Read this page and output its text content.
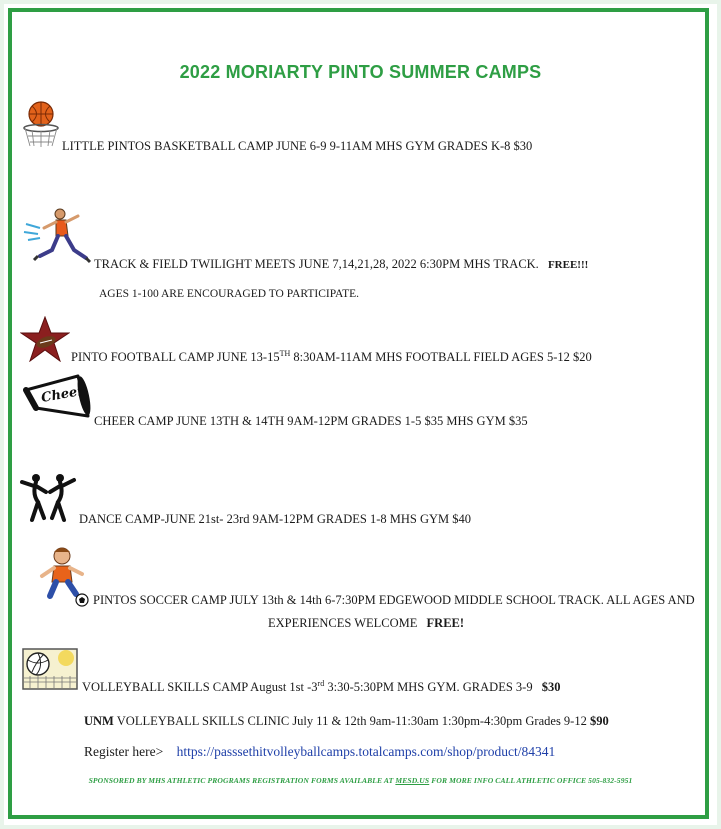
2022 MORIARTY PINTO SUMMER CAMPS
LITTLE PINTOS BASKETBALL CAMP JUNE 6-9 9-11AM MHS GYM GRADES K-8 $30
TRACK & FIELD TWILIGHT MEETS JUNE 7,14,21,28, 2022 6:30PM MHS TRACK. FREE!!!
AGES 1-100 ARE ENCOURAGED TO PARTICIPATE.
PINTO FOOTBALL CAMP JUNE 13-15TH 8:30AM-11AM MHS FOOTBALL FIELD AGES 5-12 $20
Cheer
CHEER CAMP JUNE 13TH & 14TH 9AM-12PM GRADES 1-5 $35 MHS GYM $35
DANCE CAMP-JUNE 21st- 23rd 9AM-12PM GRADES 1-8 MHS GYM $40
PINTOS SOCCER CAMP JULY 13th & 14th 6-7:30PM EDGEWOOD MIDDLE SCHOOL TRACK. ALL AGES AND
EXPERIENCES WELCOME FREE!
VOLLEYBALL SKILLS CAMP August 1st -3rd 3:30-5:30PM MHS GYM. GRADES 3-9 $30
UNM VOLLEYBALL SKILLS CLINIC July 11 & 12th 9am-11:30am 1:30pm-4:30pm Grades 9-12 $90
Register here> https://passsethitvolleyballcamps.totalcamps.com/shop/product/84341
SPONSORED BY MHS ATHLETIC PROGRAMS REGISTRATION FORMS AVAILABLE AT MESD.US FOR MORE INFO CALL ATHLETIC OFFICE 505-832-5951
